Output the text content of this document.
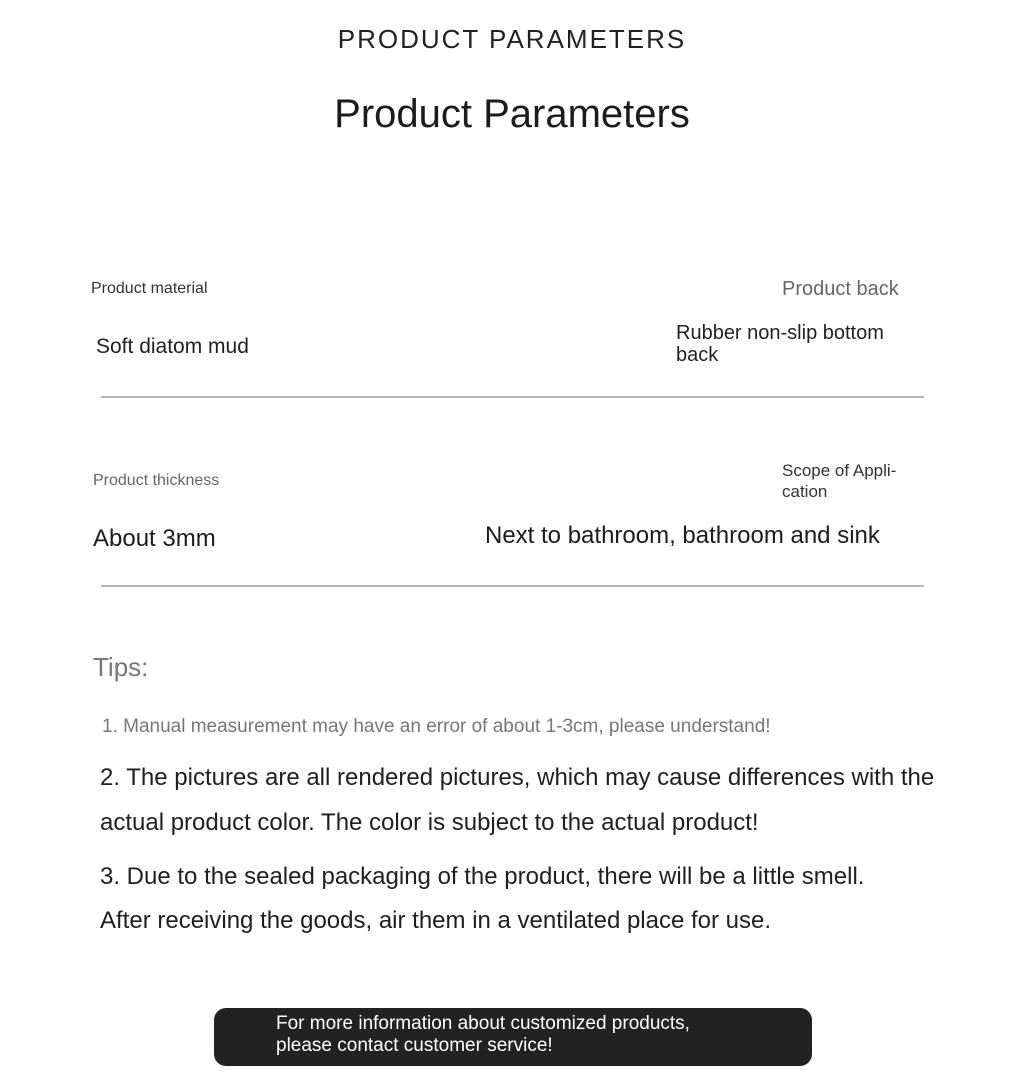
PRODUCT PARAMETERS
Product Parameters
Product material
Soft diatom mud
Product back
Rubber non-slip bottom back
Product thickness
About 3mm
Scope of Appli-cation
Next to bathroom, bathroom and sink
Tips:
1. Manual measurement may have an error of about 1-3cm, please understand!
2. The pictures are all rendered pictures, which may cause differences with the actual product color. The color is subject to the actual product!
3. Due to the sealed packaging of the product, there will be a little smell. After receiving the goods, air them in a ventilated place for use.
For more information about customized products, please contact customer service!
